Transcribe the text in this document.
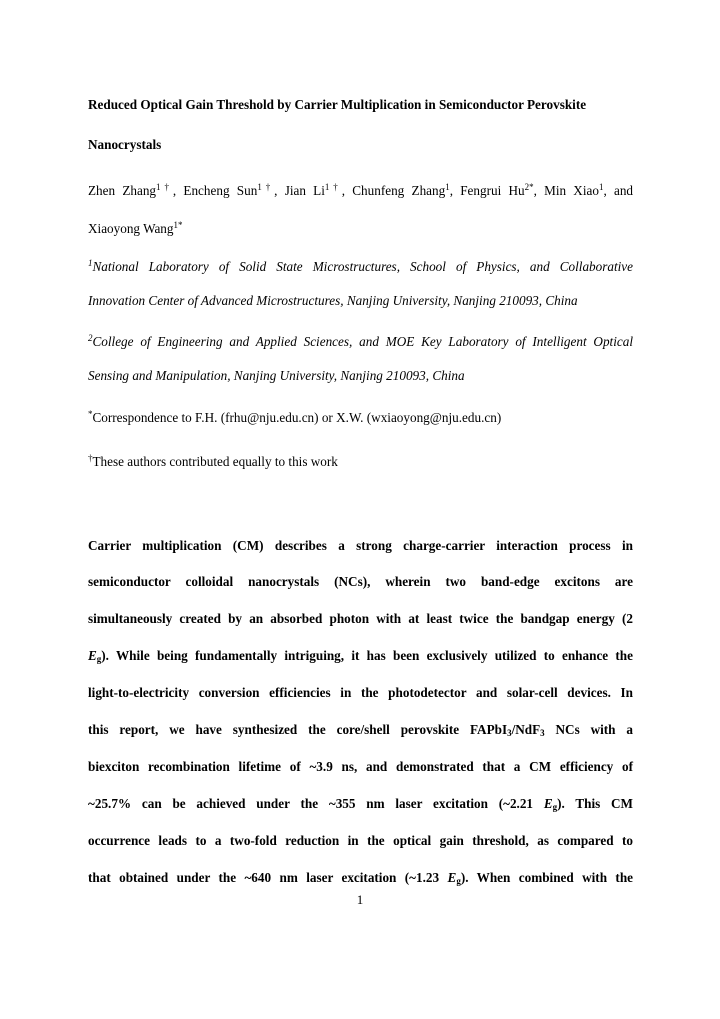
Reduced Optical Gain Threshold by Carrier Multiplication in Semiconductor Perovskite
Nanocrystals
Zhen Zhang$^{1\dagger}$, Encheng Sun$^{1\dagger}$, Jian $Li^{1\dagger}$, Chunfeng Zhang$^1$, Fengrui $Hu^{2*}$, Min Xiao$^1$, and
Xiaoyong Wang$^{1*}$
$^1$National Laboratory of Solid State Microstructures, School of Physics, and Collaborative
Innovation Center of Advanced Microstructures, Nanjing University, Nanjing 210093, China
$^2$College of Engineering and Applied Sciences, and MOE Key Laboratory of Intelligent Optical
Sensing and Manipulation, Nanjing University, Nanjing 210093, China
*Correspondence to F.H. (frhu@nju.edu.cn) or X.W. (wxiaoyong@nju.edu.cn)
†These authors contributed equally to this work
Carrier multiplication (CM) describes a strong charge-carrier interaction process in
semiconductor colloidal nanocrystals (NCs), wherein two band-edge excitons are
simultaneously created by an absorbed photon with at least twice the bandgap energy (2
$E_g$). While being fundamentally intriguing, it has been exclusively utilized to enhance the
light-to-electricity conversion efficiencies in the photodetector and solar-cell devices. In
this report, we have synthesized the core/shell perovskite FAPbI$_3$/NdF$_3$ NCs with a
biexciton recombination lifetime of ~3.9 ns, and demonstrated that a CM efficiency of
~25.7% can be achieved under the ~355 nm laser excitation (~2.21 $E_g$). This CM
occurrence leads to a two-fold reduction in the optical gain threshold, as compared to
that obtained under the ~640 nm laser excitation (~1.23 $E_g$). When combined with the
1
